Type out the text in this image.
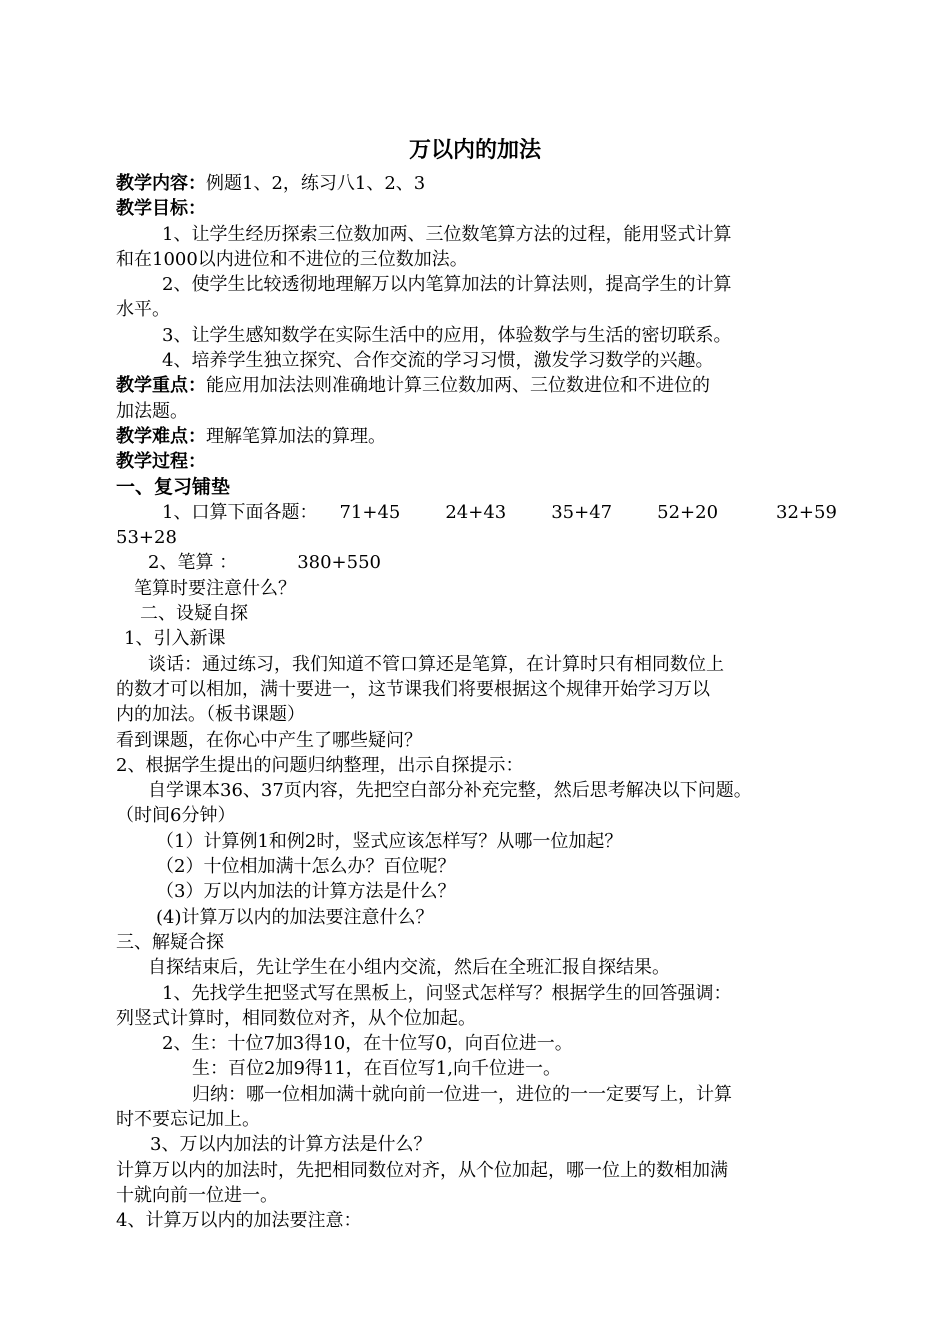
万以内的加法
教学内容：例题1、2，练习八1、2、3
教学目标：
1、让学生经历探索三位数加两、三位数笔算方法的过程，能用竖式计算
和在1000以内进位和不进位的三位数加法。
2、使学生比较透彻地理解万以内笔算加法的计算法则，提高学生的计算
水平。
3、让学生感知数学在实际生活中的应用，体验数学与生活的密切联系。
4、培养学生独立探究、合作交流的学习习惯，激发学习数学的兴趣。
教学重点：能应用加法法则准确地计算三位数加两、三位数进位和不进位的
加法题。
教学难点：理解笔算加法的算理。
教学过程：
一、复习铺垫
1、口算下面各题： 71+45	24+43	35+47	52+20	32+59
53+28
2、笔算 ：	380+550
笔算时要注意什么？
二、设疑自探
1、引入新课
谈话：通过练习，我们知道不管口算还是笔算，在计算时只有相同数位上
的数才可以相加，满十要进一，这节课我们将要根据这个规律开始学习万以
内的加法。（板书课题）
看到课题，在你心中产生了哪些疑问？
2、根据学生提出的问题归纳整理，出示自探提示：
自学课本36、37页内容，先把空白部分补充完整，然后思考解决以下问题。
（时间6分钟）
（1）计算例1和例2时，竖式应该怎样写？从哪一位加起？
（2）十位相加满十怎么办？百位呢？
（3）万以内加法的计算方法是什么？
(4)计算万以内的加法要注意什么？
三、解疑合探
自探结束后，先让学生在小组内交流，然后在全班汇报自探结果。
1、先找学生把竖式写在黑板上，问竖式怎样写？根据学生的回答强调：
列竖式计算时，相同数位对齐，从个位加起。
2、生：十位7加3得10，在十位写0，向百位进一。
生：百位2加9得11，在百位写1,向千位进一。
归纳：哪一位相加满十就向前一位进一，进位的一一定要写上，计算
时不要忘记加上。
3、万以内加法的计算方法是什么？
计算万以内的加法时，先把相同数位对齐，从个位加起，哪一位上的数相加满
十就向前一位进一。
4、计算万以内的加法要注意：
